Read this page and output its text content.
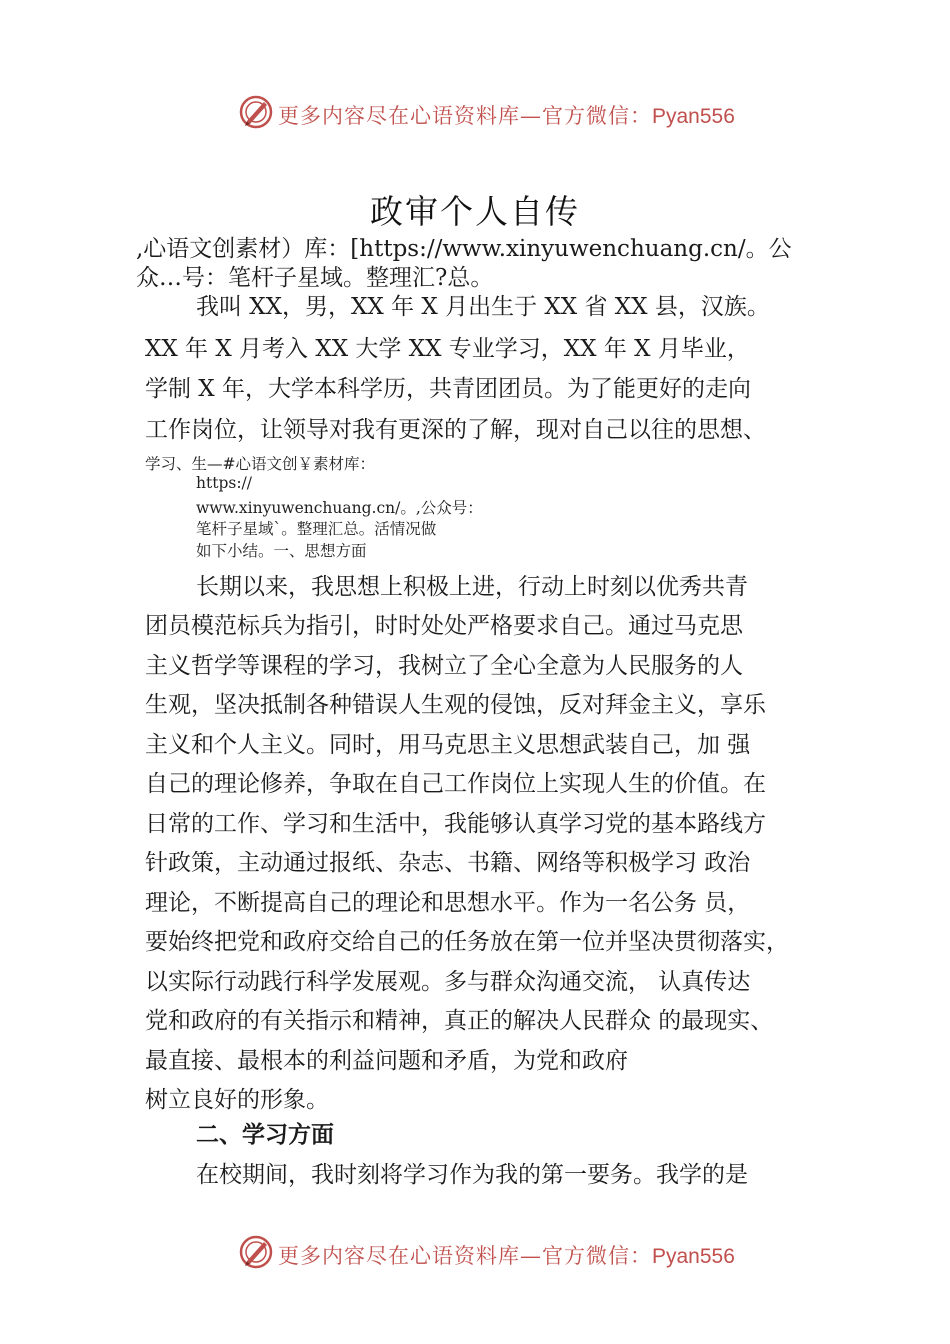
更多内容尽在心语资料库—官方微信：Pyan556
政审个人自传
,心语文创素材）库：[https://www.xinyuwenchuang.cn/。公
众…号：笔杆子星域。整理汇?总。
我叫 XX，男，XX 年 X 月出生于 XX 省 XX 县，汉族。
XX 年 X 月考入 XX 大学 XX 专业学习，XX 年 X 月毕业，
学制 X 年，大学本科学历，共青团团员。为了能更好的走向
工作岗位，让领导对我有更深的了解，现对自己以往的思想、
学习、生—#心语文创￥素材库：
https://
www.xinyuwenchuang.cn/。,公众号：
笔杆子星域`。整理汇总。活情况做
如下小结。一、思想方面
长期以来，我思想上积极上进，行动上时刻以优秀共青
团员模范标兵为指引，时时处处严格要求自己。通过马克思
主义哲学等课程的学习，我树立了全心全意为人民服务的人
生观，坚决抵制各种错误人生观的侵蚀，反对拜金主义，享乐
主义和个人主义。同时，用马克思主义思想武装自己，加 强
自己的理论修养，争取在自己工作岗位上实现人生的价值。在
日常的工作、学习和生活中，我能够认真学习党的基本路线方
针政策，主动通过报纸、杂志、书籍、网络等积极学习 政治
理论，不断提高自己的理论和思想水平。作为一名公务 员，
要始终把党和政府交给自己的任务放在第一位并坚决贯彻落实，
以实际行动践行科学发展观。多与群众沟通交流， 认真传达
党和政府的有关指示和精神，真正的解决人民群众 的最现实、
最直接、最根本的利益问题和矛盾，为党和政府
树立良好的形象。
二、学习方面
在校期间，我时刻将学习作为我的第一要务。我学的是
更多内容尽在心语资料库—官方微信：Pyan556
